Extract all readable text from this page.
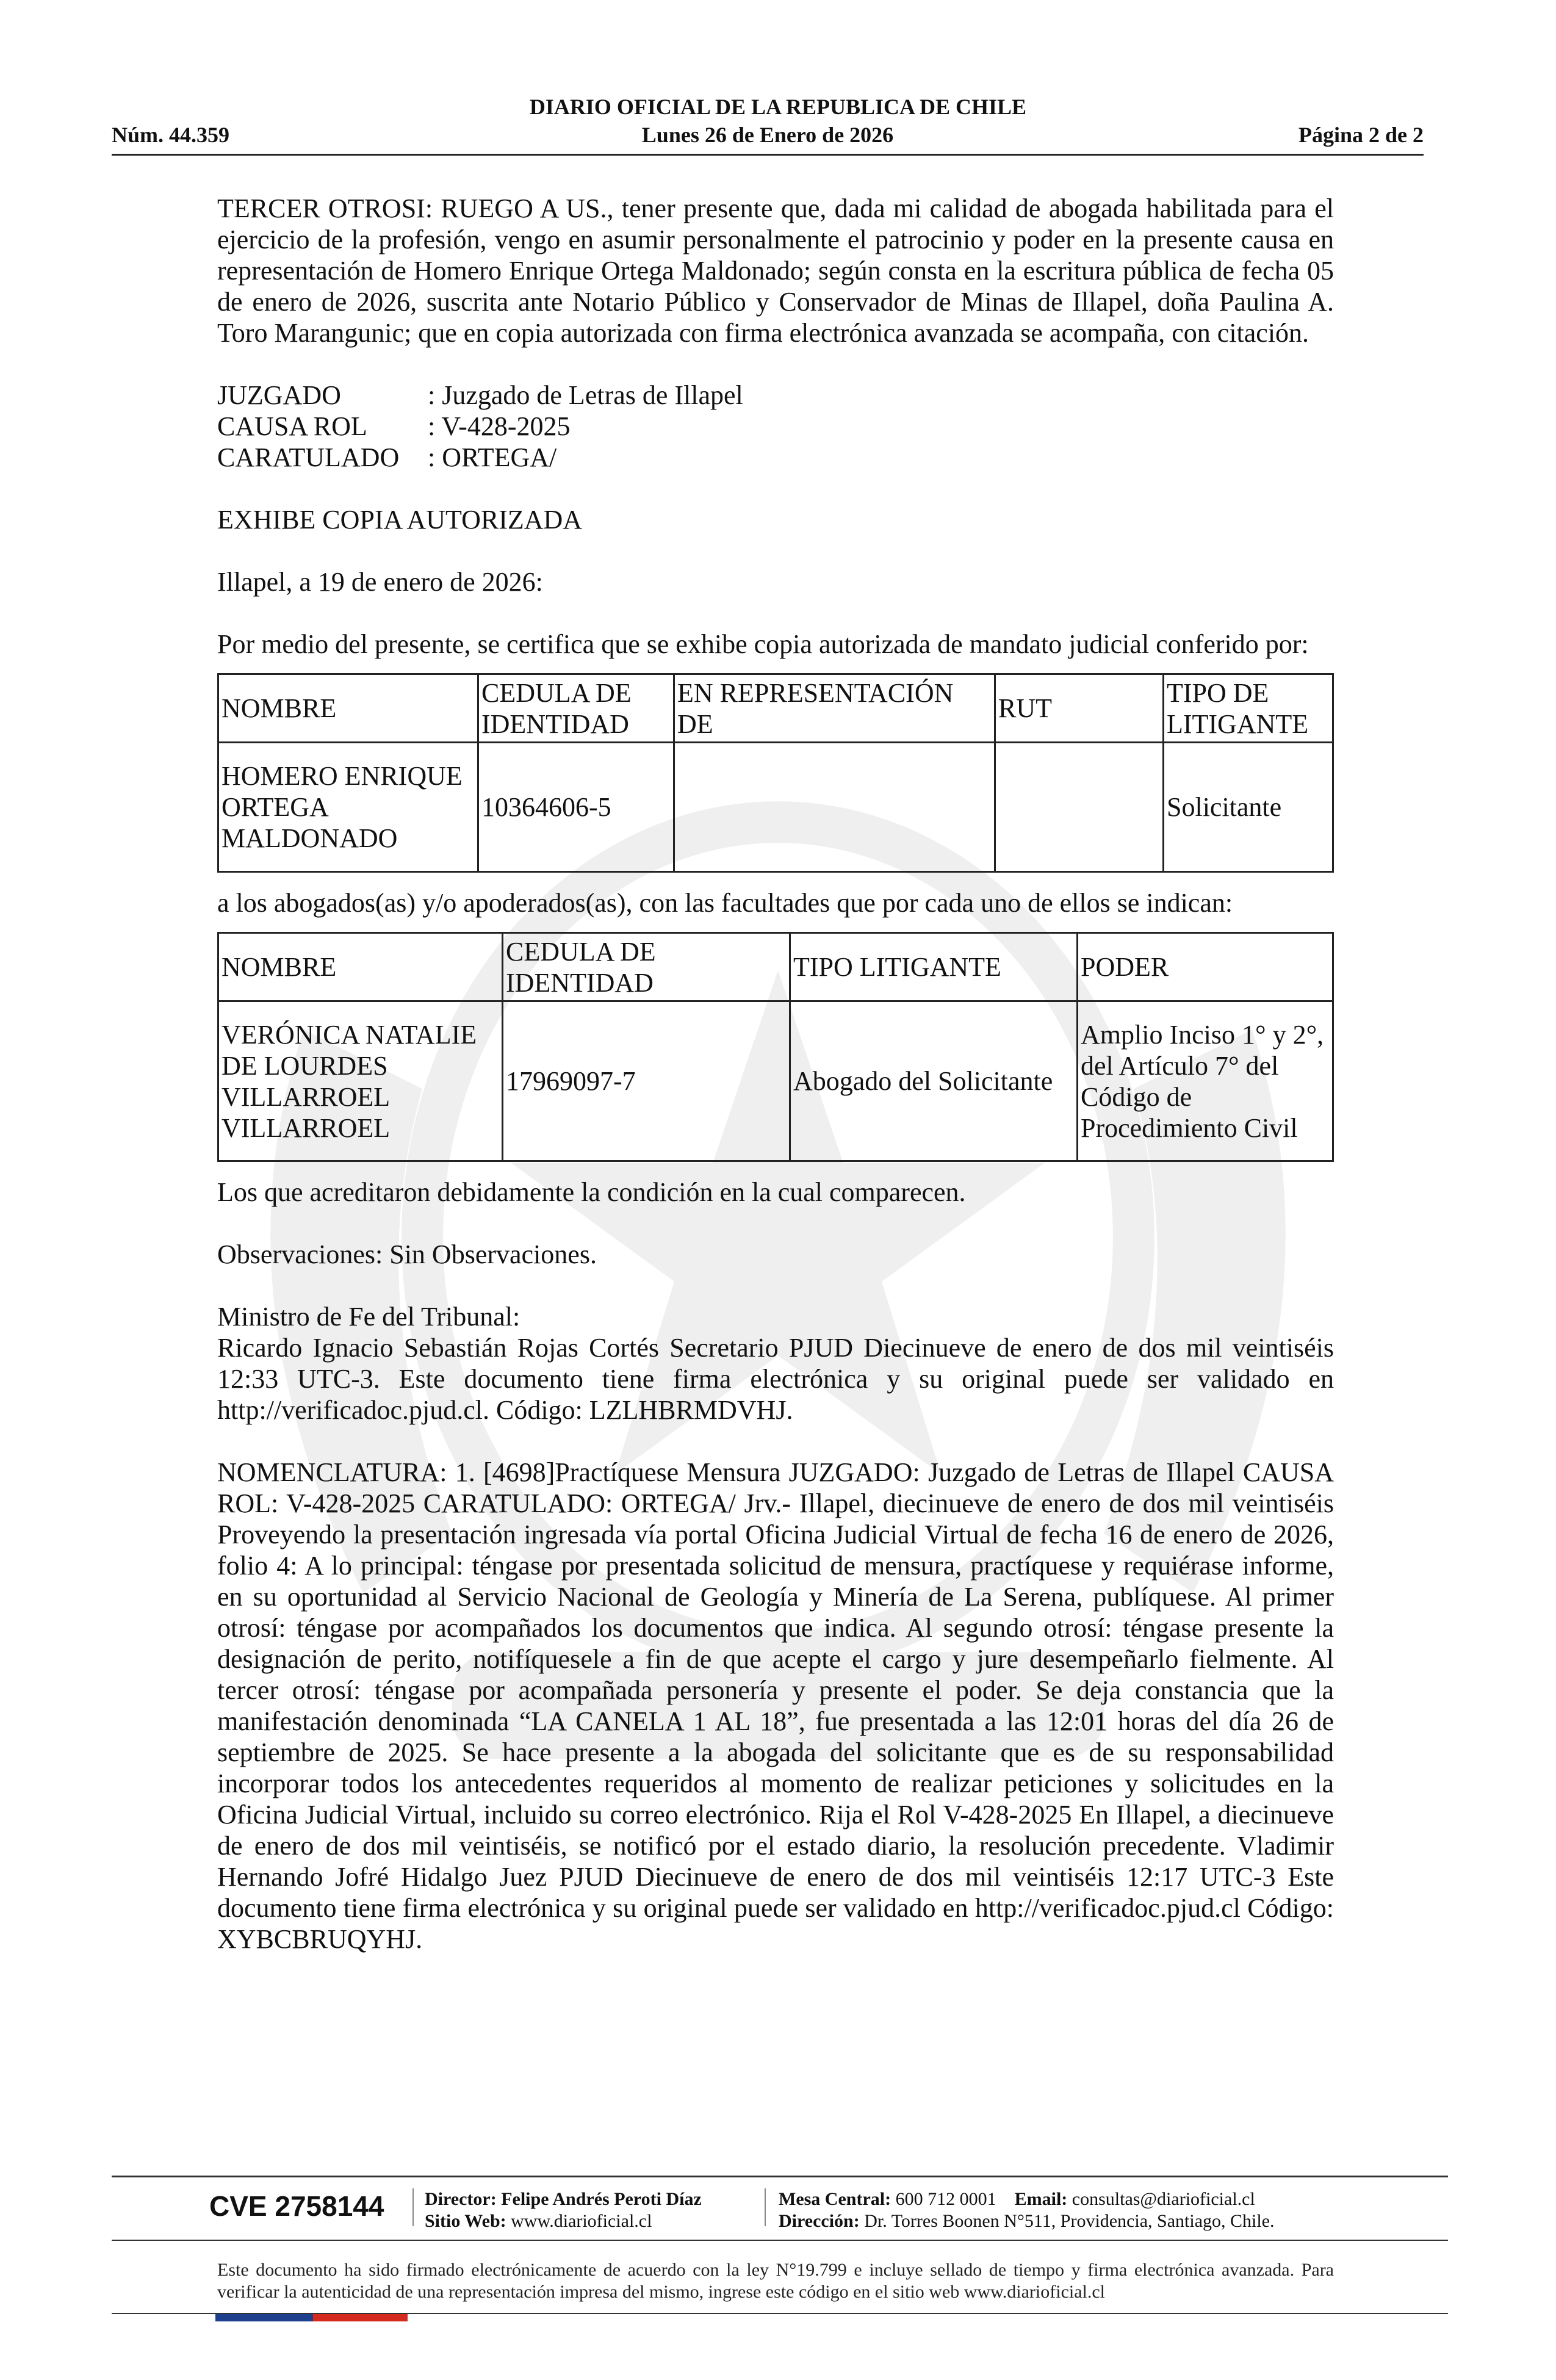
DIARIO OFICIAL DE LA REPUBLICA DE CHILE
Núm. 44.359	Lunes 26 de Enero de 2026	Página 2 de 2

TERCER OTROSI: RUEGO A US., tener presente que, dada mi calidad de abogada habilitada para el ejercicio de la profesión, vengo en asumir personalmente el patrocinio y poder en la presente causa en representación de Homero Enrique Ortega Maldonado; según consta en la escritura pública de fecha 05 de enero de 2026, suscrita ante Notario Público y Conservador de Minas de Illapel, doña Paulina A. Toro Marangunic; que en copia autorizada con firma electrónica avanzada se acompaña, con citación.

JUZGADO	: Juzgado de Letras de Illapel
CAUSA ROL	: V-428-2025
CARATULADO	: ORTEGA/

EXHIBE COPIA AUTORIZADA

Illapel, a 19 de enero de 2026:

Por medio del presente, se certifica que se exhibe copia autorizada de mandato judicial conferido por:

NOMBRE	CEDULA DE IDENTIDAD	EN REPRESENTACIÓN DE	RUT	TIPO DE LITIGANTE
HOMERO ENRIQUE ORTEGA MALDONADO	10364606-5			Solicitante

a los abogados(as) y/o apoderados(as), con las facultades que por cada uno de ellos se indican:

NOMBRE	CEDULA DE IDENTIDAD	TIPO LITIGANTE	PODER
VERÓNICA NATALIE DE LOURDES VILLARROEL VILLARROEL	17969097-7	Abogado del Solicitante	Amplio Inciso 1° y 2°, del Artículo 7° del Código de Procedimiento Civil

Los que acreditaron debidamente la condición en la cual comparecen.

Observaciones: Sin Observaciones.

Ministro de Fe del Tribunal:

Ricardo Ignacio Sebastián Rojas Cortés Secretario PJUD Diecinueve de enero de dos mil veintiséis 12:33 UTC-3. Este documento tiene firma electrónica y su original puede ser validado en http://verificadoc.pjud.cl. Código: LZLHBRMDVHJ.

NOMENCLATURA: 1. [4698]Practíquese Mensura JUZGADO: Juzgado de Letras de Illapel CAUSA ROL: V-428-2025 CARATULADO: ORTEGA/ Jrv.- Illapel, diecinueve de enero de dos mil veintiséis Proveyendo la presentación ingresada vía portal Oficina Judicial Virtual de fecha 16 de enero de 2026, folio 4: A lo principal: téngase por presentada solicitud de mensura, practíquese y requiérase informe, en su oportunidad al Servicio Nacional de Geología y Minería de La Serena, publíquese. Al primer otrosí: téngase por acompañados los documentos que indica. Al segundo otrosí: téngase presente la designación de perito, notifíquesele a fin de que acepte el cargo y jure desempeñarlo fielmente. Al tercer otrosí: téngase por acompañada personería y presente el poder. Se deja constancia que la manifestación denominada “LA CANELA 1 AL 18”, fue presentada a las 12:01 horas del día 26 de septiembre de 2025. Se hace presente a la abogada del solicitante que es de su responsabilidad incorporar todos los antecedentes requeridos al momento de realizar peticiones y solicitudes en la Oficina Judicial Virtual, incluido su correo electrónico. Rija el Rol V-428-2025 En Illapel, a diecinueve de enero de dos mil veintiséis, se notificó por el estado diario, la resolución precedente. Vladimir Hernando Jofré Hidalgo Juez PJUD Diecinueve de enero de dos mil veintiséis 12:17 UTC-3 Este documento tiene firma electrónica y su original puede ser validado en http://verificadoc.pjud.cl Código: XYBCBRUQYHJ.

CVE 2758144 Director: Felipe Andrés Peroti Díaz
Sitio Web: www.diarioficial.cl
Mesa Central: 600 712 0001 Email: consultas@diarioficial.cl
Dirección: Dr. Torres Boonen N°511, Providencia, Santiago, Chile.
Este documento ha sido firmado electrónicamente de acuerdo con la ley N°19.799 e incluye sellado de tiempo y firma electrónica avanzada. Para verificar la autenticidad de una representación impresa del mismo, ingrese este código en el sitio web www.diarioficial.cl
